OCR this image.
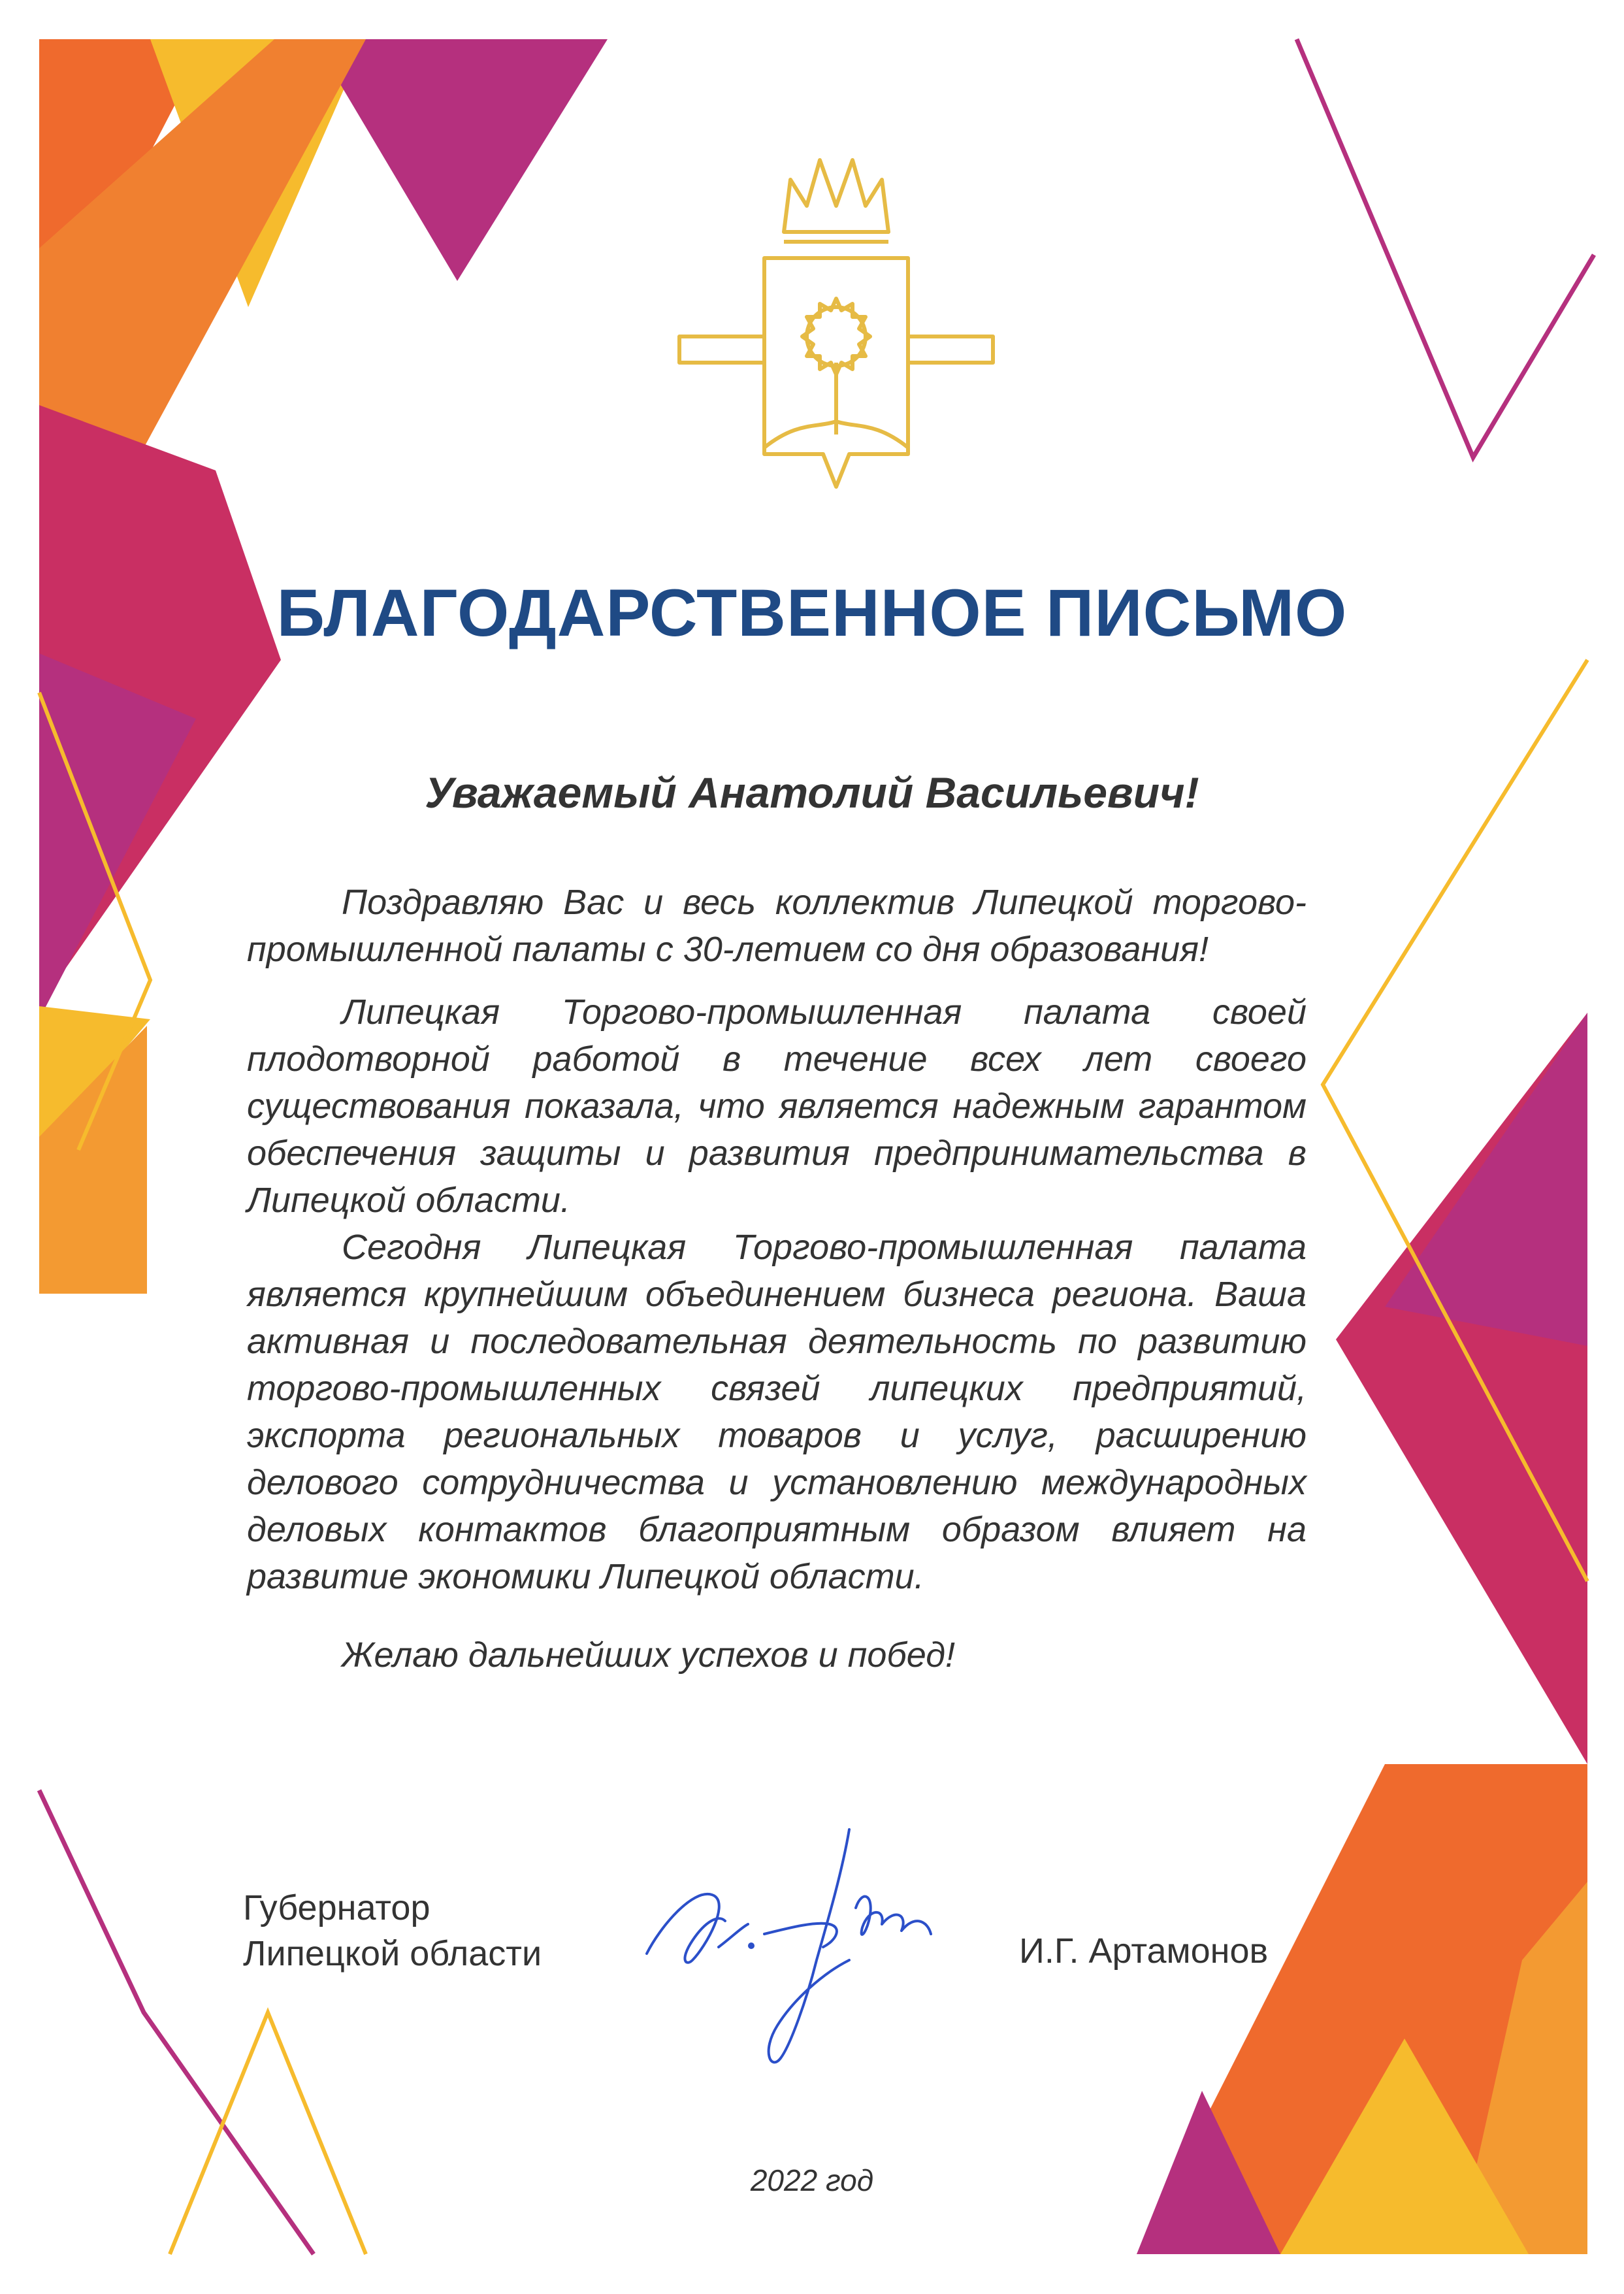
БЛАГОДАРСТВЕННОЕ ПИСЬМО
Уважаемый Анатолий Васильевич!

Поздравляю Вас и весь коллектив Липецкой торгово-промышленной палаты с 30-летием со дня образования!

Липецкая Торгово-промышленная палата своей плодотворной работой в течение всех лет своего существования показала, что является надежным гарантом обеспечения защиты и развития предпринимательства в Липецкой области.

Сегодня Липецкая Торгово-промышленная палата является крупнейшим объединением бизнеса региона. Ваша активная и последовательная деятельность по развитию торгово-промышленных связей липецких предприятий, экспорта региональных товаров и услуг, расширению делового сотрудничества и установлению международных деловых контактов благоприятным образом влияет на развитие экономики Липецкой области.

Желаю дальнейших успехов и побед!

Губернатор
Липецкой области	И.Г. Артамонов
2022 год
